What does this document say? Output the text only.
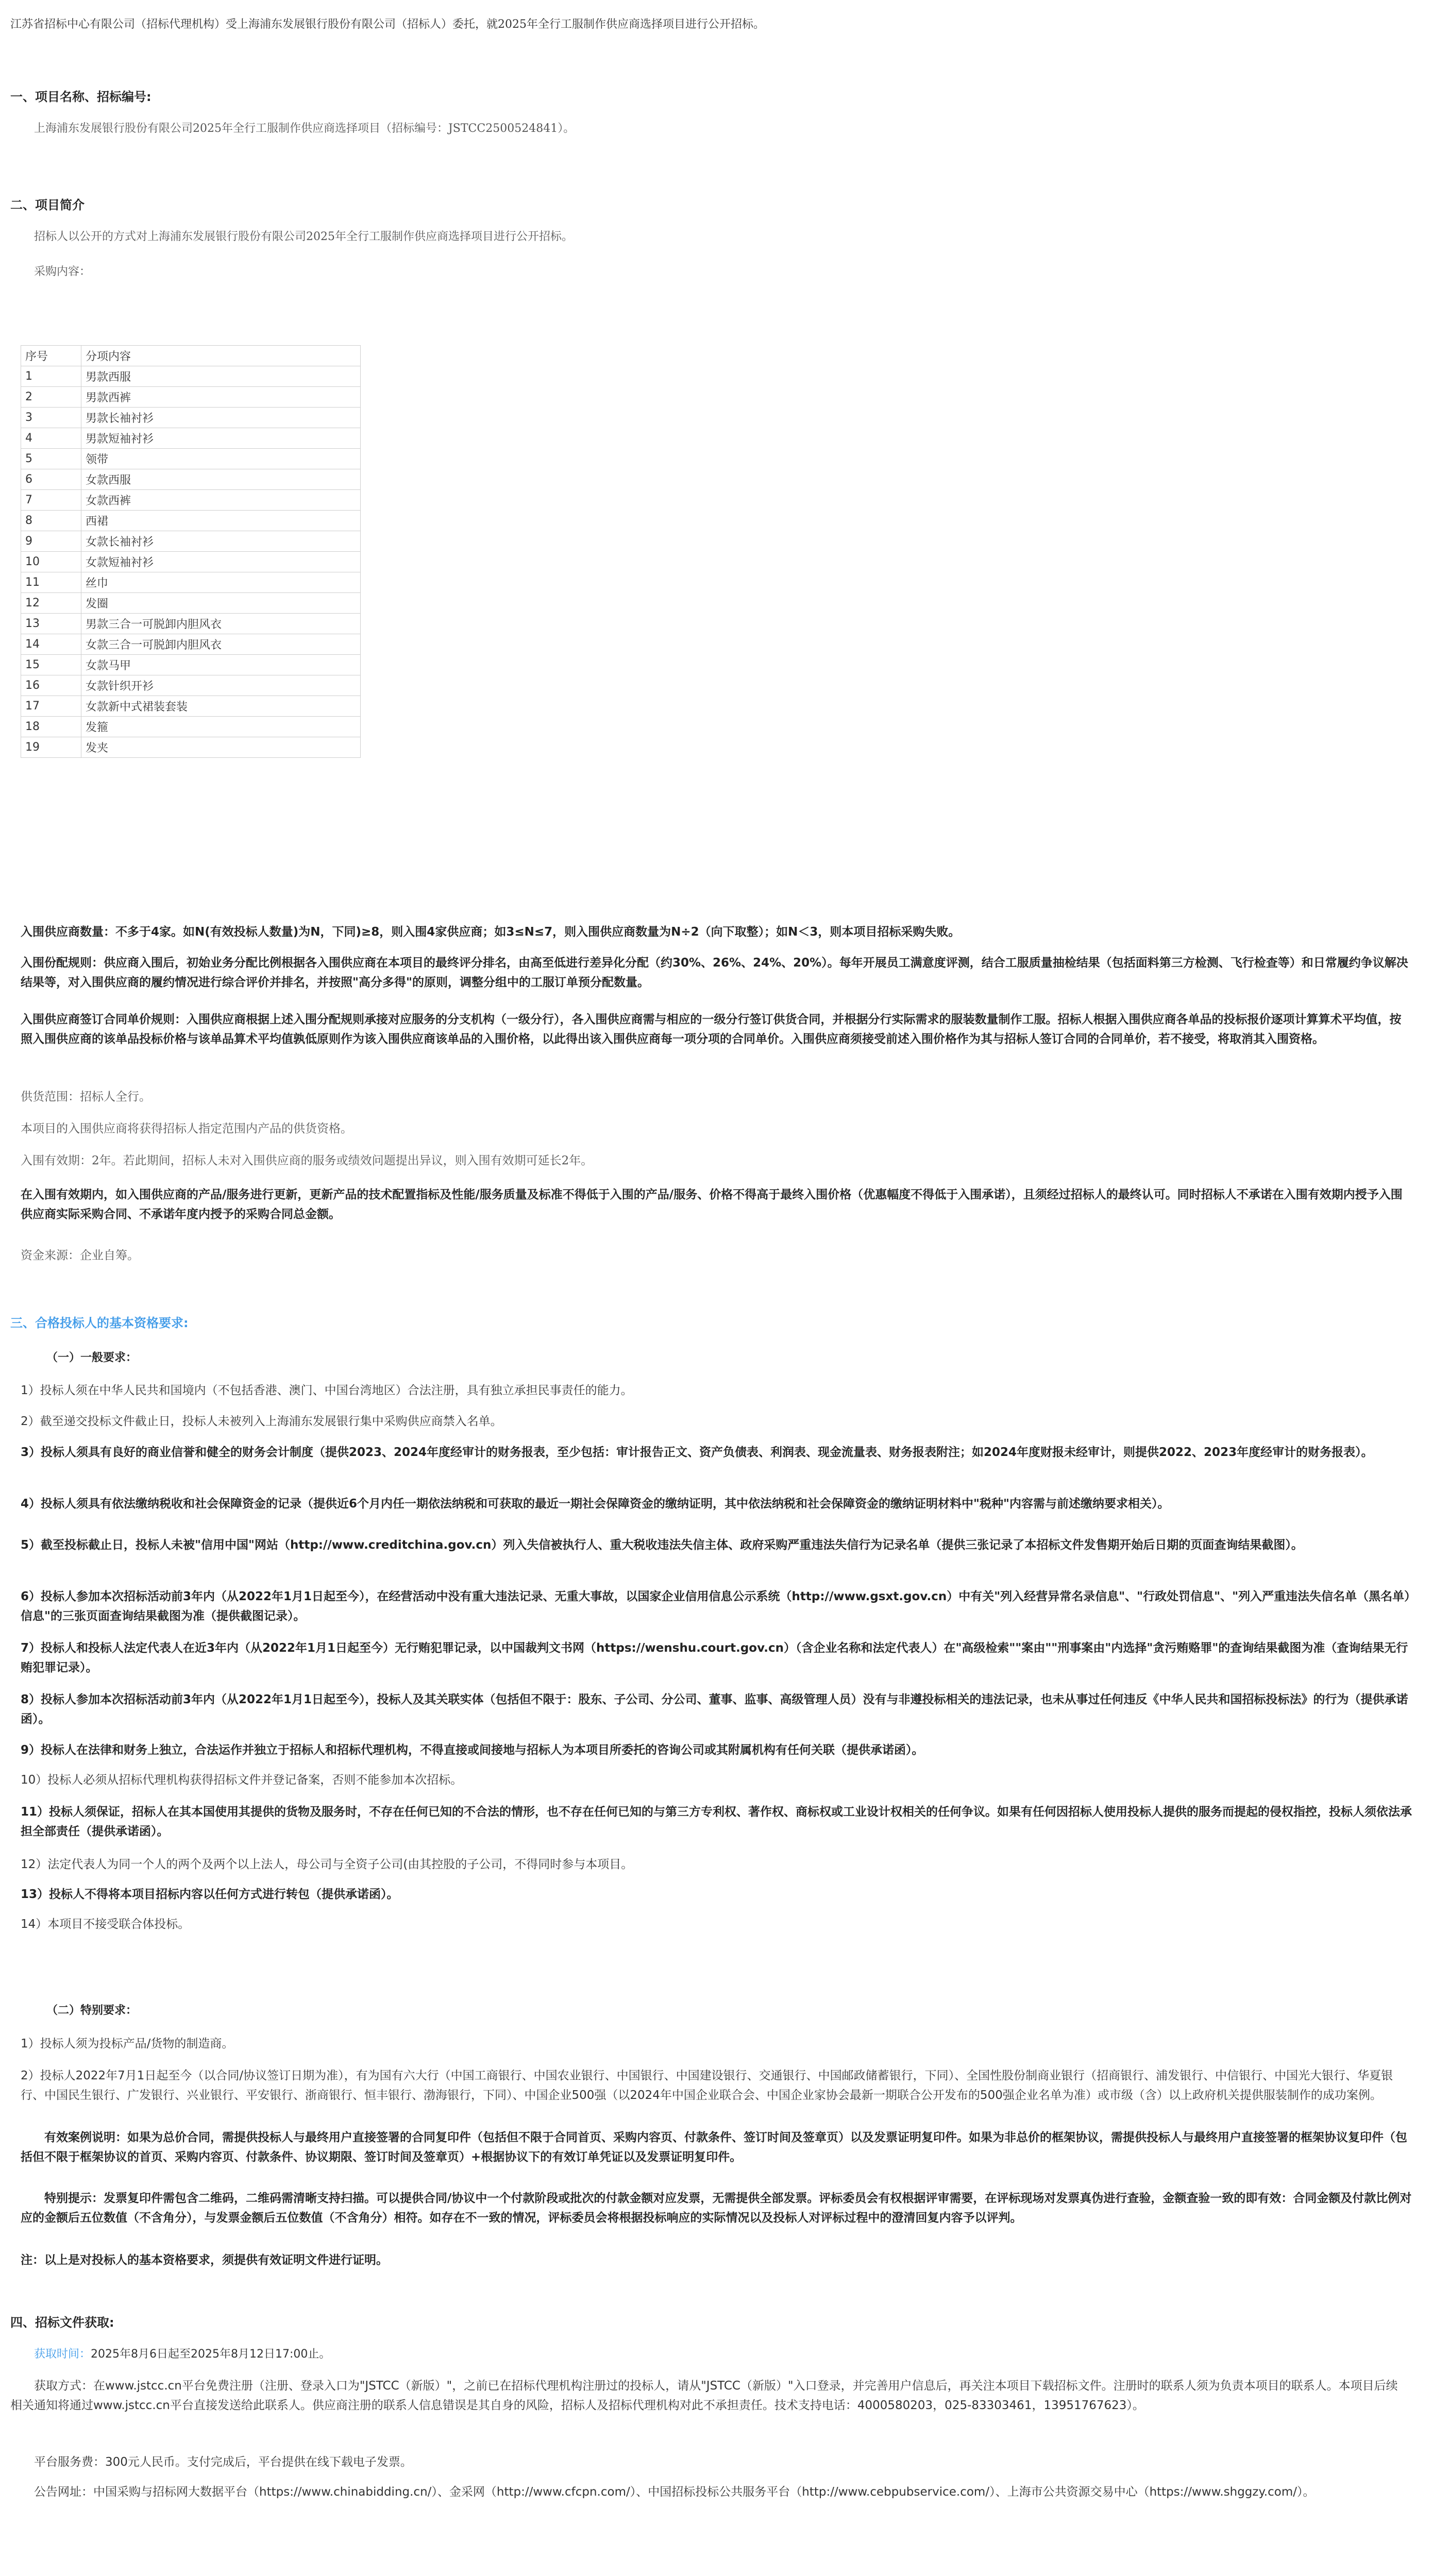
江苏省招标中心有限公司（招标代理机构）受上海浦东发展银行股份有限公司（招标人）委托，就2025年全行工服制作供应商选择项目进行公开招标。

一、项目名称、招标编号:

上海浦东发展银行股份有限公司2025年全行工服制作供应商选择项目（招标编号：JSTCC2500524841）。

二、项目简介

招标人以公开的方式对上海浦东发展银行股份有限公司2025年全行工服制作供应商选择项目进行公开招标。

采购内容：

序号	分项内容
1	男款西服
2	男款西裤
3	男款长袖衬衫
4	男款短袖衬衫
5	领带
6	女款西服
7	女款西裤
8	西裙
9	女款长袖衬衫
10	女款短袖衬衫
11	丝巾
12	发圈
13	男款三合一可脱卸内胆风衣
14	女款三合一可脱卸内胆风衣
15	女款马甲
16	女款针织开衫
17	女款新中式裙装套装
18	发箍
19	发夹

入围供应商数量：不多于4家。如N(有效投标人数量)为N，下同)≥8，则入围4家供应商；如3≤N≤7，则入围供应商数量为N÷2（向下取整）；如N＜3，则本项目招标采购失败。

入围份配规则：供应商入围后，初始业务分配比例根据各入围供应商在本项目的最终评分排名，由高至低进行差异化分配（约30%、26%、24%、20%）。每年开展员工满意度评测，结合工服质量抽检结果（包括面料第三方检测、飞行检查等）和日常履约争议解决结果等，对入围供应商的履约情况进行综合评价并排名，并按照"高分多得"的原则，调整分组中的工服订单预分配数量。

入围供应商签订合同单价规则：入围供应商根据上述入围分配规则承接对应服务的分支机构（一级分行），各入围供应商需与相应的一级分行签订供货合同，并根据分行实际需求的服装数量制作工服。招标人根据入围供应商各单品的投标报价逐项计算算术平均值，按照入围供应商的该单品投标价格与该单品算术平均值孰低原则作为该入围供应商该单品的入围价格，以此得出该入围供应商每一项分项的合同单价。入围供应商须接受前述入围价格作为其与招标人签订合同的合同单价，若不接受，将取消其入围资格。

供货范围：招标人全行。

本项目的入围供应商将获得招标人指定范围内产品的供货资格。

入围有效期：2年。若此期间，招标人未对入围供应商的服务或绩效问题提出异议，则入围有效期可延长2年。

在入围有效期内，如入围供应商的产品/服务进行更新，更新产品的技术配置指标及性能/服务质量及标准不得低于入围的产品/服务、价格不得高于最终入围价格（优惠幅度不得低于入围承诺），且须经过招标人的最终认可。同时招标人不承诺在入围有效期内授予入围供应商实际采购合同、不承诺年度内授予的采购合同总金额。

资金来源：企业自筹。

三、合格投标人的基本资格要求:

（一）一般要求：

1）投标人须在中华人民共和国境内（不包括香港、澳门、中国台湾地区）合法注册，具有独立承担民事责任的能力。

2）截至递交投标文件截止日，投标人未被列入上海浦东发展银行集中采购供应商禁入名单。

3）投标人须具有良好的商业信誉和健全的财务会计制度（提供2023、2024年度经审计的财务报表，至少包括：审计报告正文、资产负债表、利润表、现金流量表、财务报表附注；如2024年度财报未经审计，则提供2022、2023年度经审计的财务报表）。

4）投标人须具有依法缴纳税收和社会保障资金的记录（提供近6个月内任一期依法纳税和可获取的最近一期社会保障资金的缴纳证明，其中依法纳税和社会保障资金的缴纳证明材料中"税种"内容需与前述缴纳要求相关）。

5）截至投标截止日，投标人未被"信用中国"网站（http://www.creditchina.gov.cn）列入失信被执行人、重大税收违法失信主体、政府采购严重违法失信行为记录名单（提供三张记录了本招标文件发售期开始后日期的页面查询结果截图）。

6）投标人参加本次招标活动前3年内（从2022年1月1日起至今），在经营活动中没有重大违法记录、无重大事故，以国家企业信用信息公示系统（http://www.gsxt.gov.cn）中有关"列入经营异常名录信息"、"行政处罚信息"、"列入严重违法失信名单（黑名单）信息"的三张页面查询结果截图为准（提供截图记录）。

7）投标人和投标人法定代表人在近3年内（从2022年1月1日起至今）无行贿犯罪记录，以中国裁判文书网（https://wenshu.court.gov.cn）（含企业名称和法定代表人）在"高级检索""案由""刑事案由"内选择"贪污贿赂罪"的查询结果截图为准（查询结果无行贿犯罪记录）。

8）投标人参加本次招标活动前3年内（从2022年1月1日起至今），投标人及其关联实体（包括但不限于：股东、子公司、分公司、董事、监事、高级管理人员）没有与非遵投标相关的违法记录，也未从事过任何违反《中华人民共和国招标投标法》的行为（提供承诺函）。

9）投标人在法律和财务上独立，合法运作并独立于招标人和招标代理机构，不得直接或间接地与招标人为本项目所委托的咨询公司或其附属机构有任何关联（提供承诺函）。

10）投标人必须从招标代理机构获得招标文件并登记备案，否则不能参加本次招标。

11）投标人须保证，招标人在其本国使用其提供的货物及服务时，不存在任何已知的不合法的情形，也不存在任何已知的与第三方专利权、著作权、商标权或工业设计权相关的任何争议。如果有任何因招标人使用投标人提供的服务而提起的侵权指控，投标人须依法承担全部责任（提供承诺函）。

12）法定代表人为同一个人的两个及两个以上法人，母公司与全资子公司(由其控股的子公司，不得同时参与本项目。

13）投标人不得将本项目招标内容以任何方式进行转包（提供承诺函）。

14）本项目不接受联合体投标。

（二）特别要求：

1）投标人须为投标产品/货物的制造商。

2）投标人2022年7月1日起至今（以合同/协议签订日期为准），有为国有六大行（中国工商银行、中国农业银行、中国银行、中国建设银行、交通银行、中国邮政储蓄银行，下同）、全国性股份制商业银行（招商银行、浦发银行、中信银行、中国光大银行、华夏银行、中国民生银行、广发银行、兴业银行、平安银行、浙商银行、恒丰银行、渤海银行，下同）、中国企业500强（以2024年中国企业联合会、中国企业家协会最新一期联合公开发布的500强企业名单为准）或市级（含）以上政府机关提供服装制作的成功案例。

有效案例说明：如果为总价合同，需提供投标人与最终用户直接签署的合同复印件（包括但不限于合同首页、采购内容页、付款条件、签订时间及签章页）以及发票证明复印件。如果为非总价的框架协议，需提供投标人与最终用户直接签署的框架协议复印件（包括但不限于框架协议的首页、采购内容页、付款条件、协议期限、签订时间及签章页）+根据协议下的有效订单凭证以及发票证明复印件。

特别提示：发票复印件需包含二维码，二维码需清晰支持扫描。可以提供合同/协议中一个付款阶段或批次的付款金额对应发票，无需提供全部发票。评标委员会有权根据评审需要，在评标现场对发票真伪进行查验，金额查验一致的即有效：合同金额及付款比例对应的金额后五位数值（不含角分），与发票金额后五位数值（不含角分）相符。如存在不一致的情况，评标委员会将根据投标响应的实际情况以及投标人对评标过程中的澄清回复内容予以评判。

注：以上是对投标人的基本资格要求，须提供有效证明文件进行证明。

四、招标文件获取:

获取时间：2025年8月6日起至2025年8月12日17:00止。

获取方式：在www.jstcc.cn平台免费注册（注册、登录入口为"JSTCC（新版）"，之前已在招标代理机构注册过的投标人，请从"JSTCC（新版）"入口登录，并完善用户信息后，再关注本项目下载招标文件。注册时的联系人须为负责本项目的联系人。本项目后续相关通知将通过www.jstcc.cn平台直接发送给此联系人。供应商注册的联系人信息错误是其自身的风险，招标人及招标代理机构对此不承担责任。技术支持电话：4000580203，025-83303461，13951767623）。

平台服务费：300元人民币。支付完成后，平台提供在线下载电子发票。

公告网址：中国采购与招标网大数据平台（https://www.chinabidding.cn/）、金采网（http://www.cfcpn.com/）、中国招标投标公共服务平台（http://www.cebpubservice.com/）、上海市公共资源交易中心（https://www.shggzy.com/）。
